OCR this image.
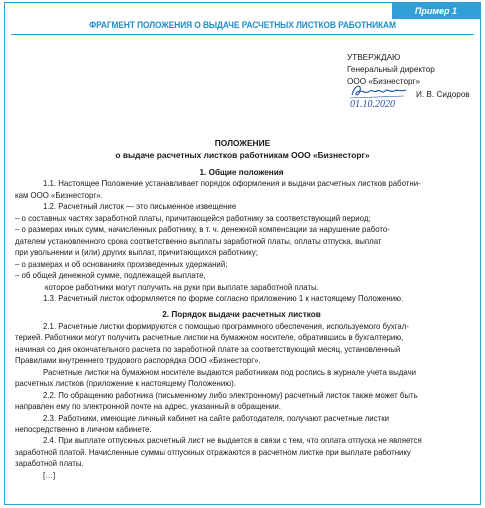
Пример 1
ФРАГМЕНТ ПОЛОЖЕНИЯ О ВЫДАЧЕ РАСЧЕТНЫХ ЛИСТКОВ РАБОТНИКАМ
УТВЕРЖДАЮ
Генеральный директор
ООО «Бизнесторг»
01.10.2020
И. В. Сидоров
ПОЛОЖЕНИЕ
о выдаче расчетных листков работникам ООО «Бизнесторг»

1. Общие положения

1.1. Настоящее Положение устанавливает порядок оформления и выдачи расчетных листков работни-

кам ООО «Бизнесторг».

1.2. Расчетный листок — это письменное извещение

– о составных частях заработной платы, причитающейся работнику за соответствующий период;

– о размерах иных сумм, начисленных работнику, в т. ч. денежной компенсации за нарушение работо-

дателем установленного срока соответственно выплаты заработной платы, оплаты отпуска, выплат

при увольнении и (или) других выплат, причитающихся работнику;

– о размерах и об основаниях произведенных удержаний;

– об общей денежной сумме, подлежащей выплате,

которое работники могут получить на руки при выплате заработной платы.

1.3. Расчетный листок оформляется по форме согласно приложению 1 к настоящему Положению.

2. Порядок выдачи расчетных листков

2.1. Расчетные листки формируются с помощью программного обеспечения, используемого бухгал-

терией. Работники могут получить расчетные листки на бумажном носителе, обратившись в бухгалтерию,

начиная со дня окончательного расчета по заработной плате за соответствующий месяц, установленный

Правилами внутреннего трудового распорядка ООО «Бизнесторг».

Расчетные листки на бумажном носителе выдаются работникам под роспись в журнале учета выдачи

расчетных листков (приложение к настоящему Положению).

2.2. По обращению работника (письменному либо электронному) расчетный листок также может быть

направлен ему по электронной почте на адрес, указанный в обращении.

2.3. Работники, имеющие личный кабинет на сайте работодателя, получают расчетные листки

непосредственно в личном кабинете.

2.4. При выплате отпускных расчетный лист не выдается в связи с тем, что оплата отпуска не является

заработной платой. Начисленные суммы отпускных отражаются в расчетном листке при выплате работнику

заработной платы.

[…]
